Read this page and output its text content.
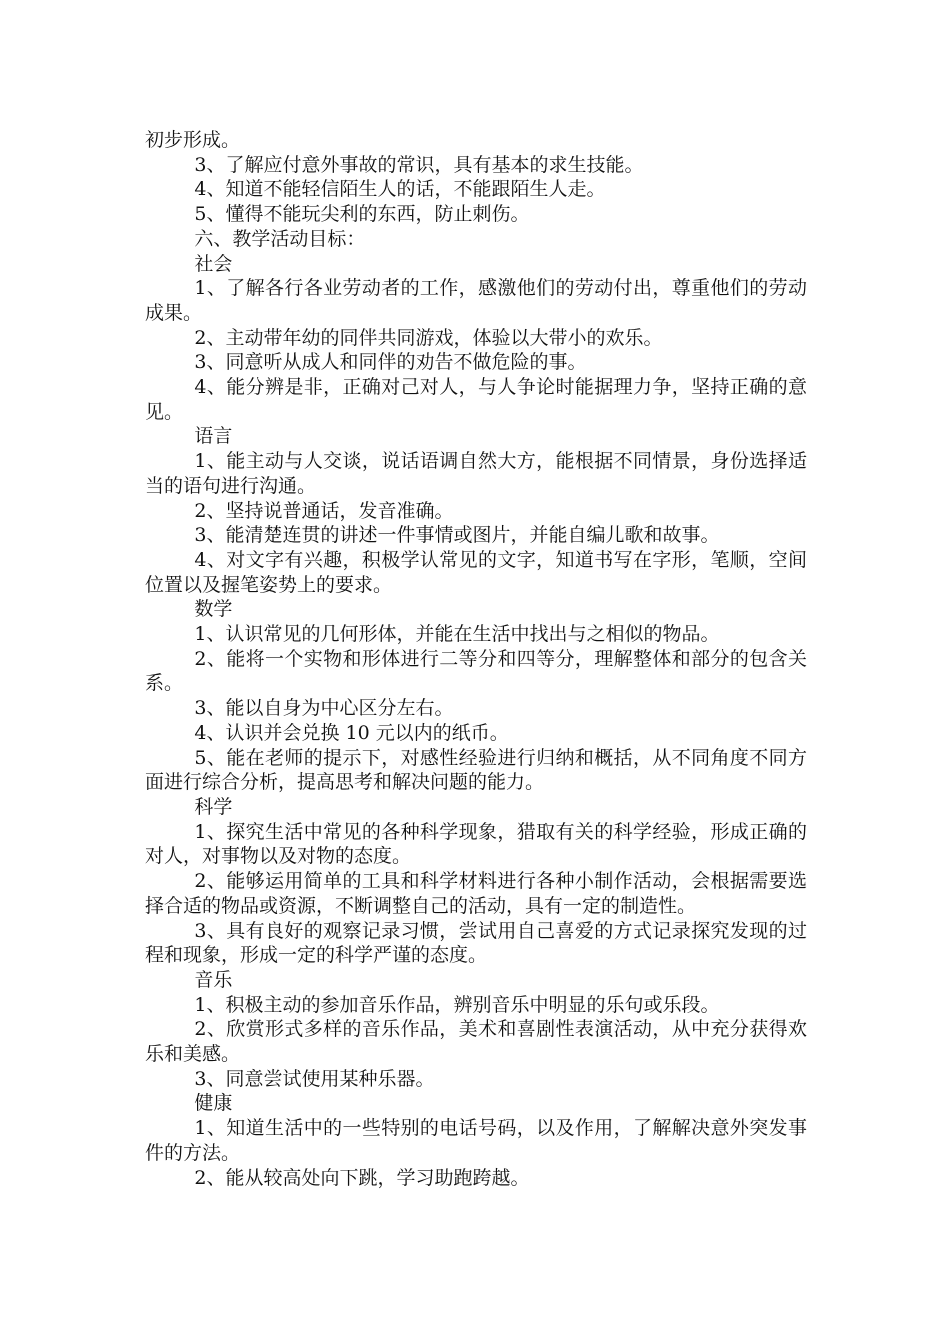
初步形成。

3、了解应付意外事故的常识，具有基本的求生技能。

4、知道不能轻信陌生人的话，不能跟陌生人走。

5、懂得不能玩尖利的东西，防止刺伤。

六、教学活动目标：

社会

1、了解各行各业劳动者的工作，感激他们的劳动付出，尊重他们的劳动成果。

2、主动带年幼的同伴共同游戏，体验以大带小的欢乐。

3、同意听从成人和同伴的劝告不做危险的事。

4、能分辨是非，正确对己对人，与人争论时能据理力争，坚持正确的意见。

语言

1、能主动与人交谈，说话语调自然大方，能根据不同情景，身份选择适当的语句进行沟通。

2、坚持说普通话，发音准确。

3、能清楚连贯的讲述一件事情或图片，并能自编儿歌和故事。

4、对文字有兴趣，积极学认常见的文字，知道书写在字形，笔顺，空间位置以及握笔姿势上的要求。

数学

1、认识常见的几何形体，并能在生活中找出与之相似的物品。

2、能将一个实物和形体进行二等分和四等分，理解整体和部分的包含关系。

3、能以自身为中心区分左右。

4、认识并会兑换 10 元以内的纸币。

5、能在老师的提示下，对感性经验进行归纳和概括，从不同角度不同方面进行综合分析，提高思考和解决问题的能力。

科学

1、探究生活中常见的各种科学现象，猎取有关的科学经验，形成正确的对人，对事物以及对物的态度。

2、能够运用简单的工具和科学材料进行各种小制作活动，会根据需要选择合适的物品或资源，不断调整自己的活动，具有一定的制造性。

3、具有良好的观察记录习惯，尝试用自己喜爱的方式记录探究发现的过程和现象，形成一定的科学严谨的态度。

音乐

1、积极主动的参加音乐作品，辨别音乐中明显的乐句或乐段。

2、欣赏形式多样的音乐作品，美术和喜剧性表演活动，从中充分获得欢乐和美感。

3、同意尝试使用某种乐器。

健康

1、知道生活中的一些特别的电话号码，以及作用，了解解决意外突发事件的方法。

2、能从较高处向下跳，学习助跑跨越。
